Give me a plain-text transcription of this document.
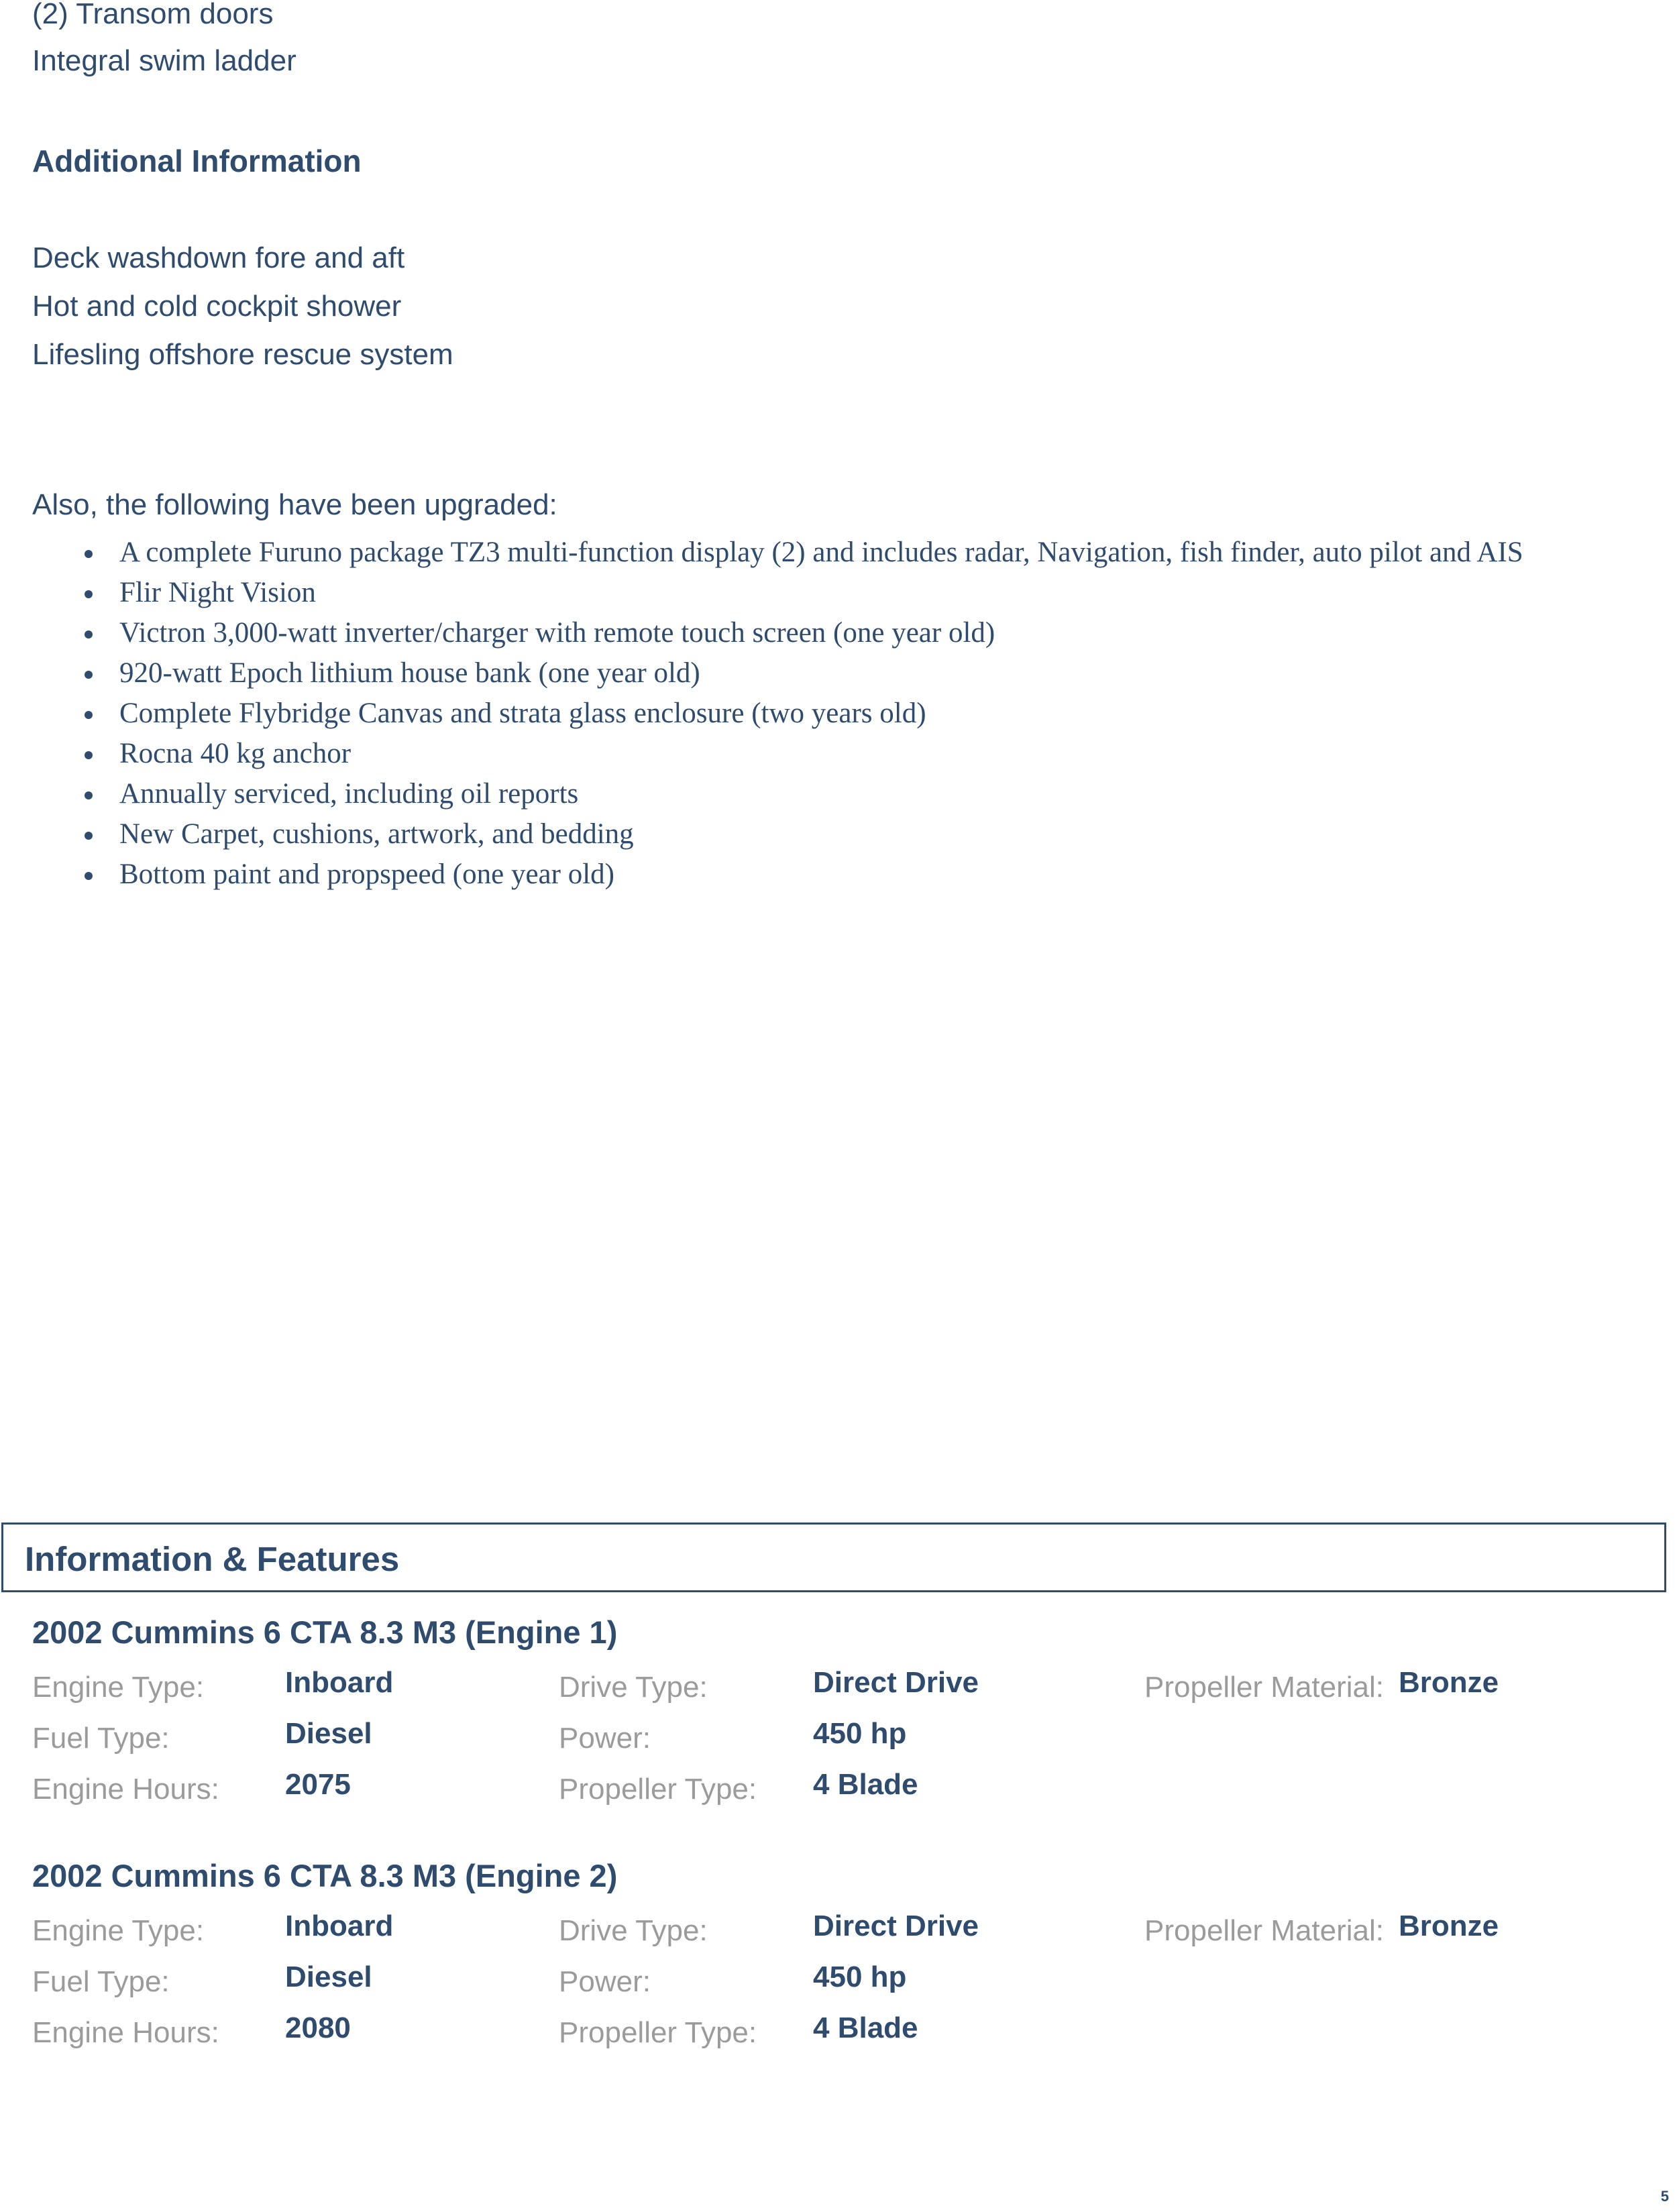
(2) Transom doors
Integral swim ladder
Additional Information
Deck washdown fore and aft
Hot and cold cockpit shower
Lifesling offshore rescue system
Also, the following have been upgraded:
A complete Furuno package TZ3 multi-function display (2) and includes radar, Navigation, fish finder, auto pilot and AIS
Flir Night Vision
Victron 3,000-watt inverter/charger with remote touch screen (one year old)
920-watt Epoch lithium house bank (one year old)
Complete Flybridge Canvas and strata glass enclosure (two years old)
Rocna 40 kg anchor
Annually serviced, including oil reports
New Carpet, cushions, artwork, and bedding
Bottom paint and propspeed (one year old)
Information & Features
2002 Cummins 6 CTA 8.3 M3 (Engine 1)
Engine Type:	Inboard
Fuel Type:	Diesel
Engine Hours: 2075
Drive Type:	Direct Drive
Power:	450 hp
Propeller Type: 4 Blade
Propeller Material: Bronze
2002 Cummins 6 CTA 8.3 M3 (Engine 2)
Engine Type:	Inboard
Fuel Type:	Diesel
Engine Hours: 2080
Drive Type:	Direct Drive
Power:	450 hp
Propeller Type: 4 Blade
Propeller Material: Bronze
5
